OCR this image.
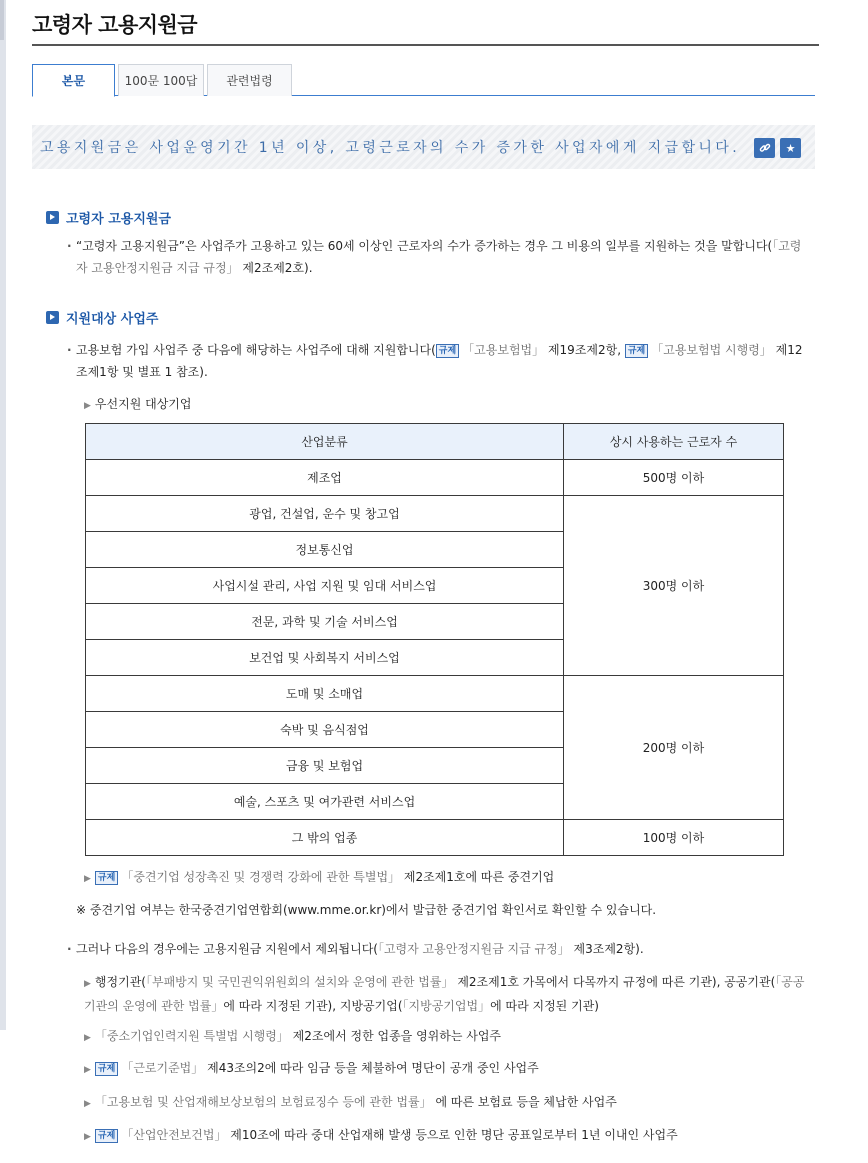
고령자 고용지원금
본문	100문 100답	관련법령
고용지원금은 사업운영기간 1년 이상, 고령근로자의 수가 증가한 사업자에게 지급합니다.	★
고령자 고용지원금
· “고령자 고용지원금”은 사업주가 고용하고 있는 60세 이상인 근로자의 수가 증가하는 경우 그 비용의 일부를 지원하는 것을 말합니다(「고령자 고용안정지원금 지급 규정」 제2조제2호).
지원대상 사업주
· 고용보험 가입 사업주 중 다음에 해당하는 사업주에 대해 지원합니다( 규제 「고용보험법」 제19조제2항, 규제 「고용보험법 시행령」 제12조제1항 및 별표 1 참조).
▶ 우선지원 대상기업
산업분류	상시 사용하는 근로자 수
제조업	500명 이하
광업, 건설업, 운수 및 창고업	300명 이하
정보통신업	
사업시설 관리, 사업 지원 및 임대 서비스업	
전문, 과학 및 기술 서비스업	
보건업 및 사회복지 서비스업	
도매 및 소매업	200명 이하
숙박 및 음식점업	
금융 및 보험업	
예술, 스포츠 및 여가관련 서비스업	
그 밖의 업종	100명 이하
▶ 규제 「중견기업 성장촉진 및 경쟁력 강화에 관한 특별법」 제2조제1호에 따른 중견기업
※ 중견기업 여부는 한국중견기업연합회(www.mme.or.kr)에서 발급한 중견기업 확인서로 확인할 수 있습니다.
· 그러나 다음의 경우에는 고용지원금 지원에서 제외됩니다(「고령자 고용안정지원금 지급 규정」 제3조제2항).
▶ 행정기관(「부패방지 및 국민권익위원회의 설치와 운영에 관한 법률」 제2조제1호 가목에서 다목까지 규정에 따른 기관), 공공기관(「공공기관의 운영에 관한 법률」에 따라 지정된 기관), 지방공기업(「지방공기업법」에 따라 지정된 기관)
▶ 「중소기업인력지원 특별법 시행령」 제2조에서 정한 업종을 영위하는 사업주
▶ 규제 「근로기준법」 제43조의2에 따라 임금 등을 체불하여 명단이 공개 중인 사업주
▶ 「고용보험 및 산업재해보상보험의 보험료징수 등에 관한 법률」 에 따른 보험료 등을 체납한 사업주
▶ 규제 「산업안전보건법」 제10조에 따라 중대 산업재해 발생 등으로 인한 명단 공표일로부터 1년 이내인 사업주
